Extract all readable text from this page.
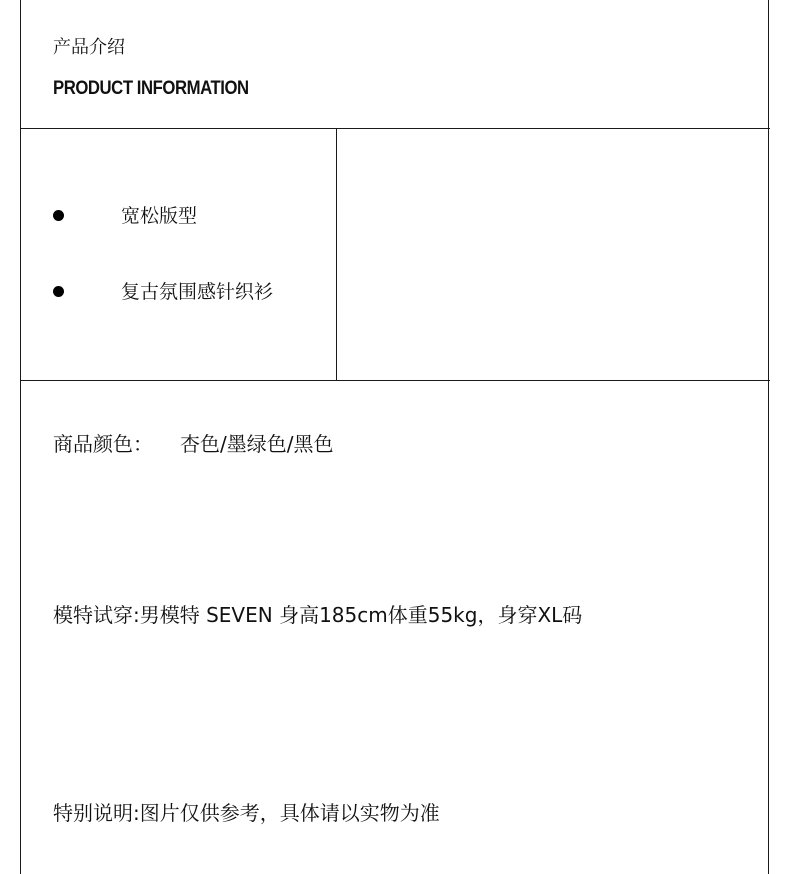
产品介绍
PRODUCT INFORMATION
宽松版型
复古氛围感针织衫
商品颜色： 杏色/墨绿色/黑色
模特试穿:男模特 SEVEN 身高185cm体重55kg，身穿XL码
特别说明:图片仅供参考，具体请以实物为准
